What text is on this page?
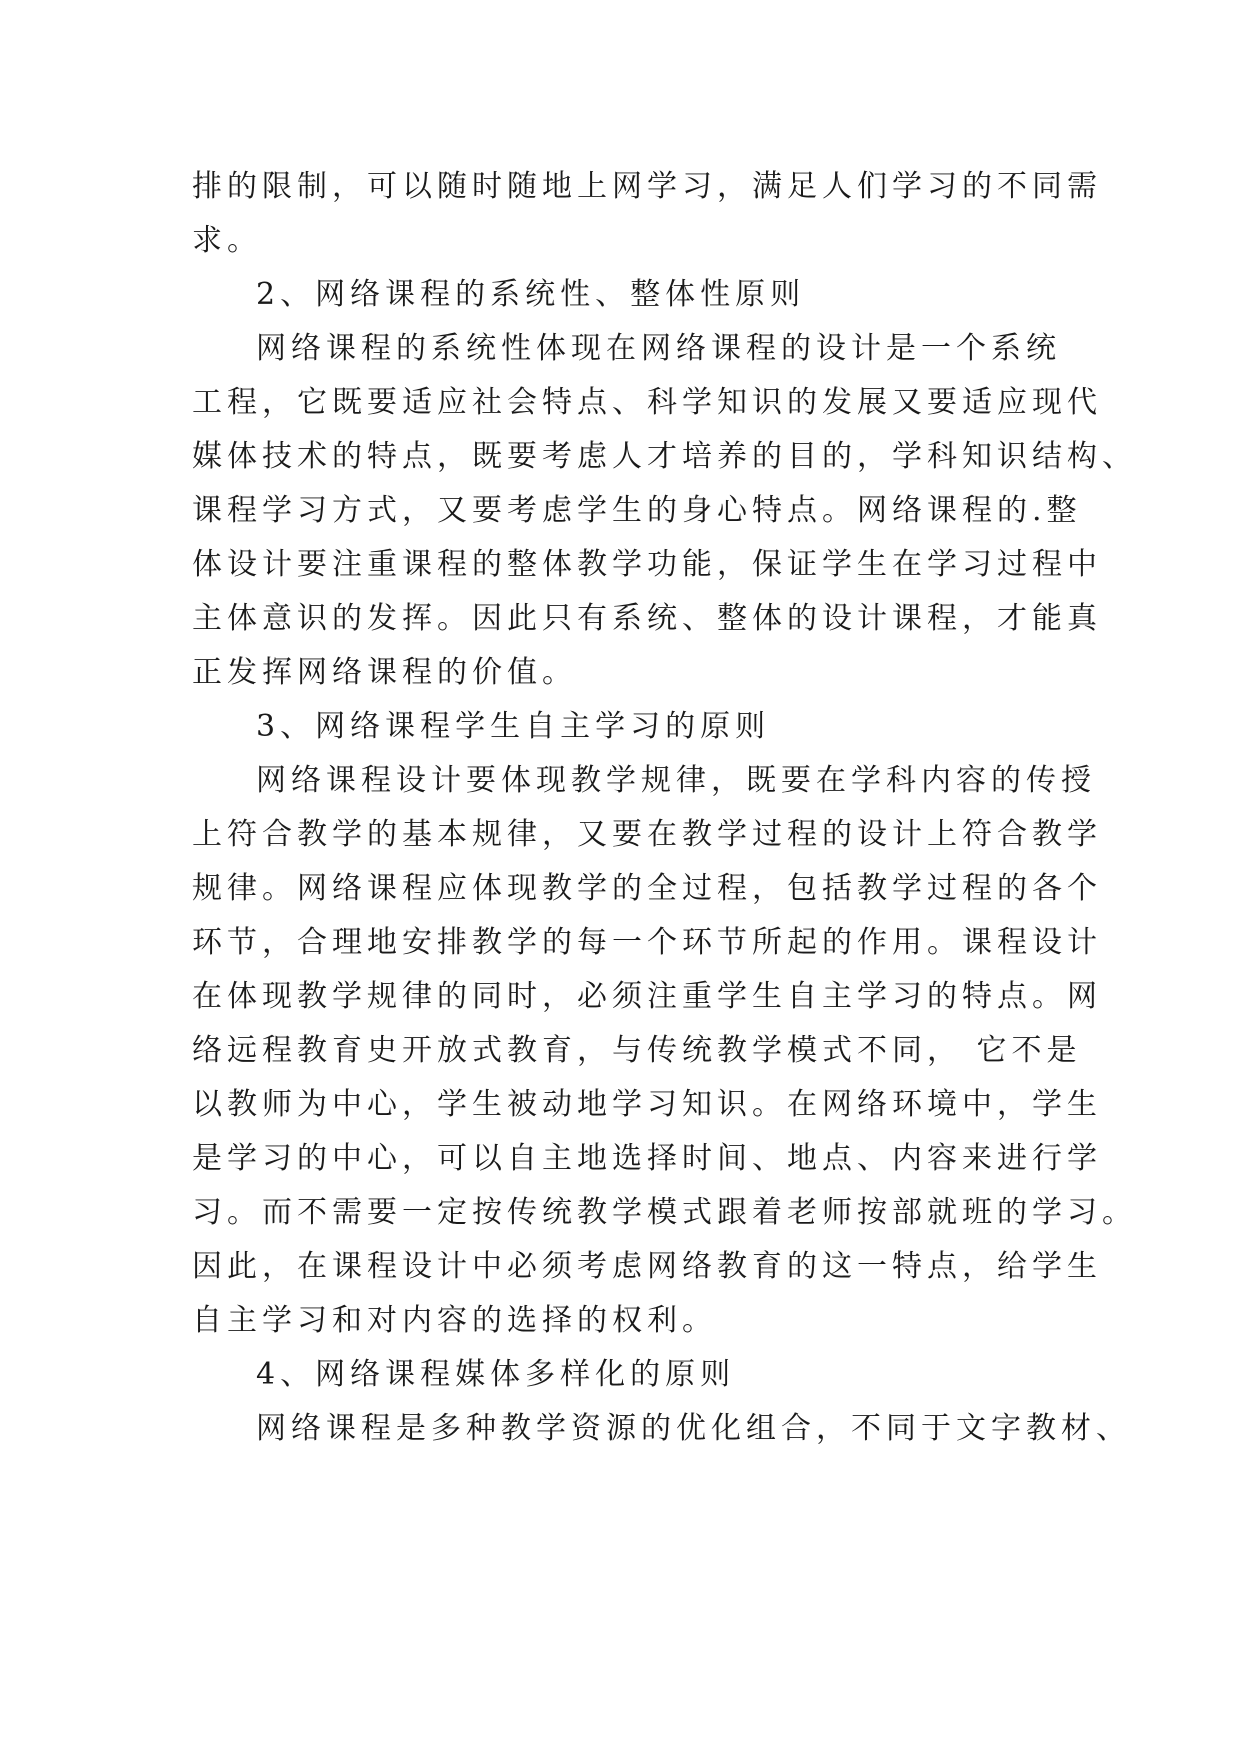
排的限制，可以随时随地上网学习，满足人们学习的不同需
求。
2、网络课程的系统性、整体性原则
网络课程的系统性体现在网络课程的设计是一个系统
工程，它既要适应社会特点、科学知识的发展又要适应现代
媒体技术的特点，既要考虑人才培养的目的，学科知识结构、
课程学习方式，又要考虑学生的身心特点。网络课程的.整
体设计要注重课程的整体教学功能，保证学生在学习过程中
主体意识的发挥。因此只有系统、整体的设计课程，才能真
正发挥网络课程的价值。
3、网络课程学生自主学习的原则
网络课程设计要体现教学规律，既要在学科内容的传授
上符合教学的基本规律，又要在教学过程的设计上符合教学
规律。网络课程应体现教学的全过程，包括教学过程的各个
环节，合理地安排教学的每一个环节所起的作用。课程设计
在体现教学规律的同时，必须注重学生自主学习的特点。网
络远程教育史开放式教育，与传统教学模式不同， 它不是
以教师为中心，学生被动地学习知识。在网络环境中，学生
是学习的中心，可以自主地选择时间、地点、内容来进行学
习。而不需要一定按传统教学模式跟着老师按部就班的学习。
因此，在课程设计中必须考虑网络教育的这一特点，给学生
自主学习和对内容的选择的权利。
4、网络课程媒体多样化的原则
网络课程是多种教学资源的优化组合，不同于文字教材、
